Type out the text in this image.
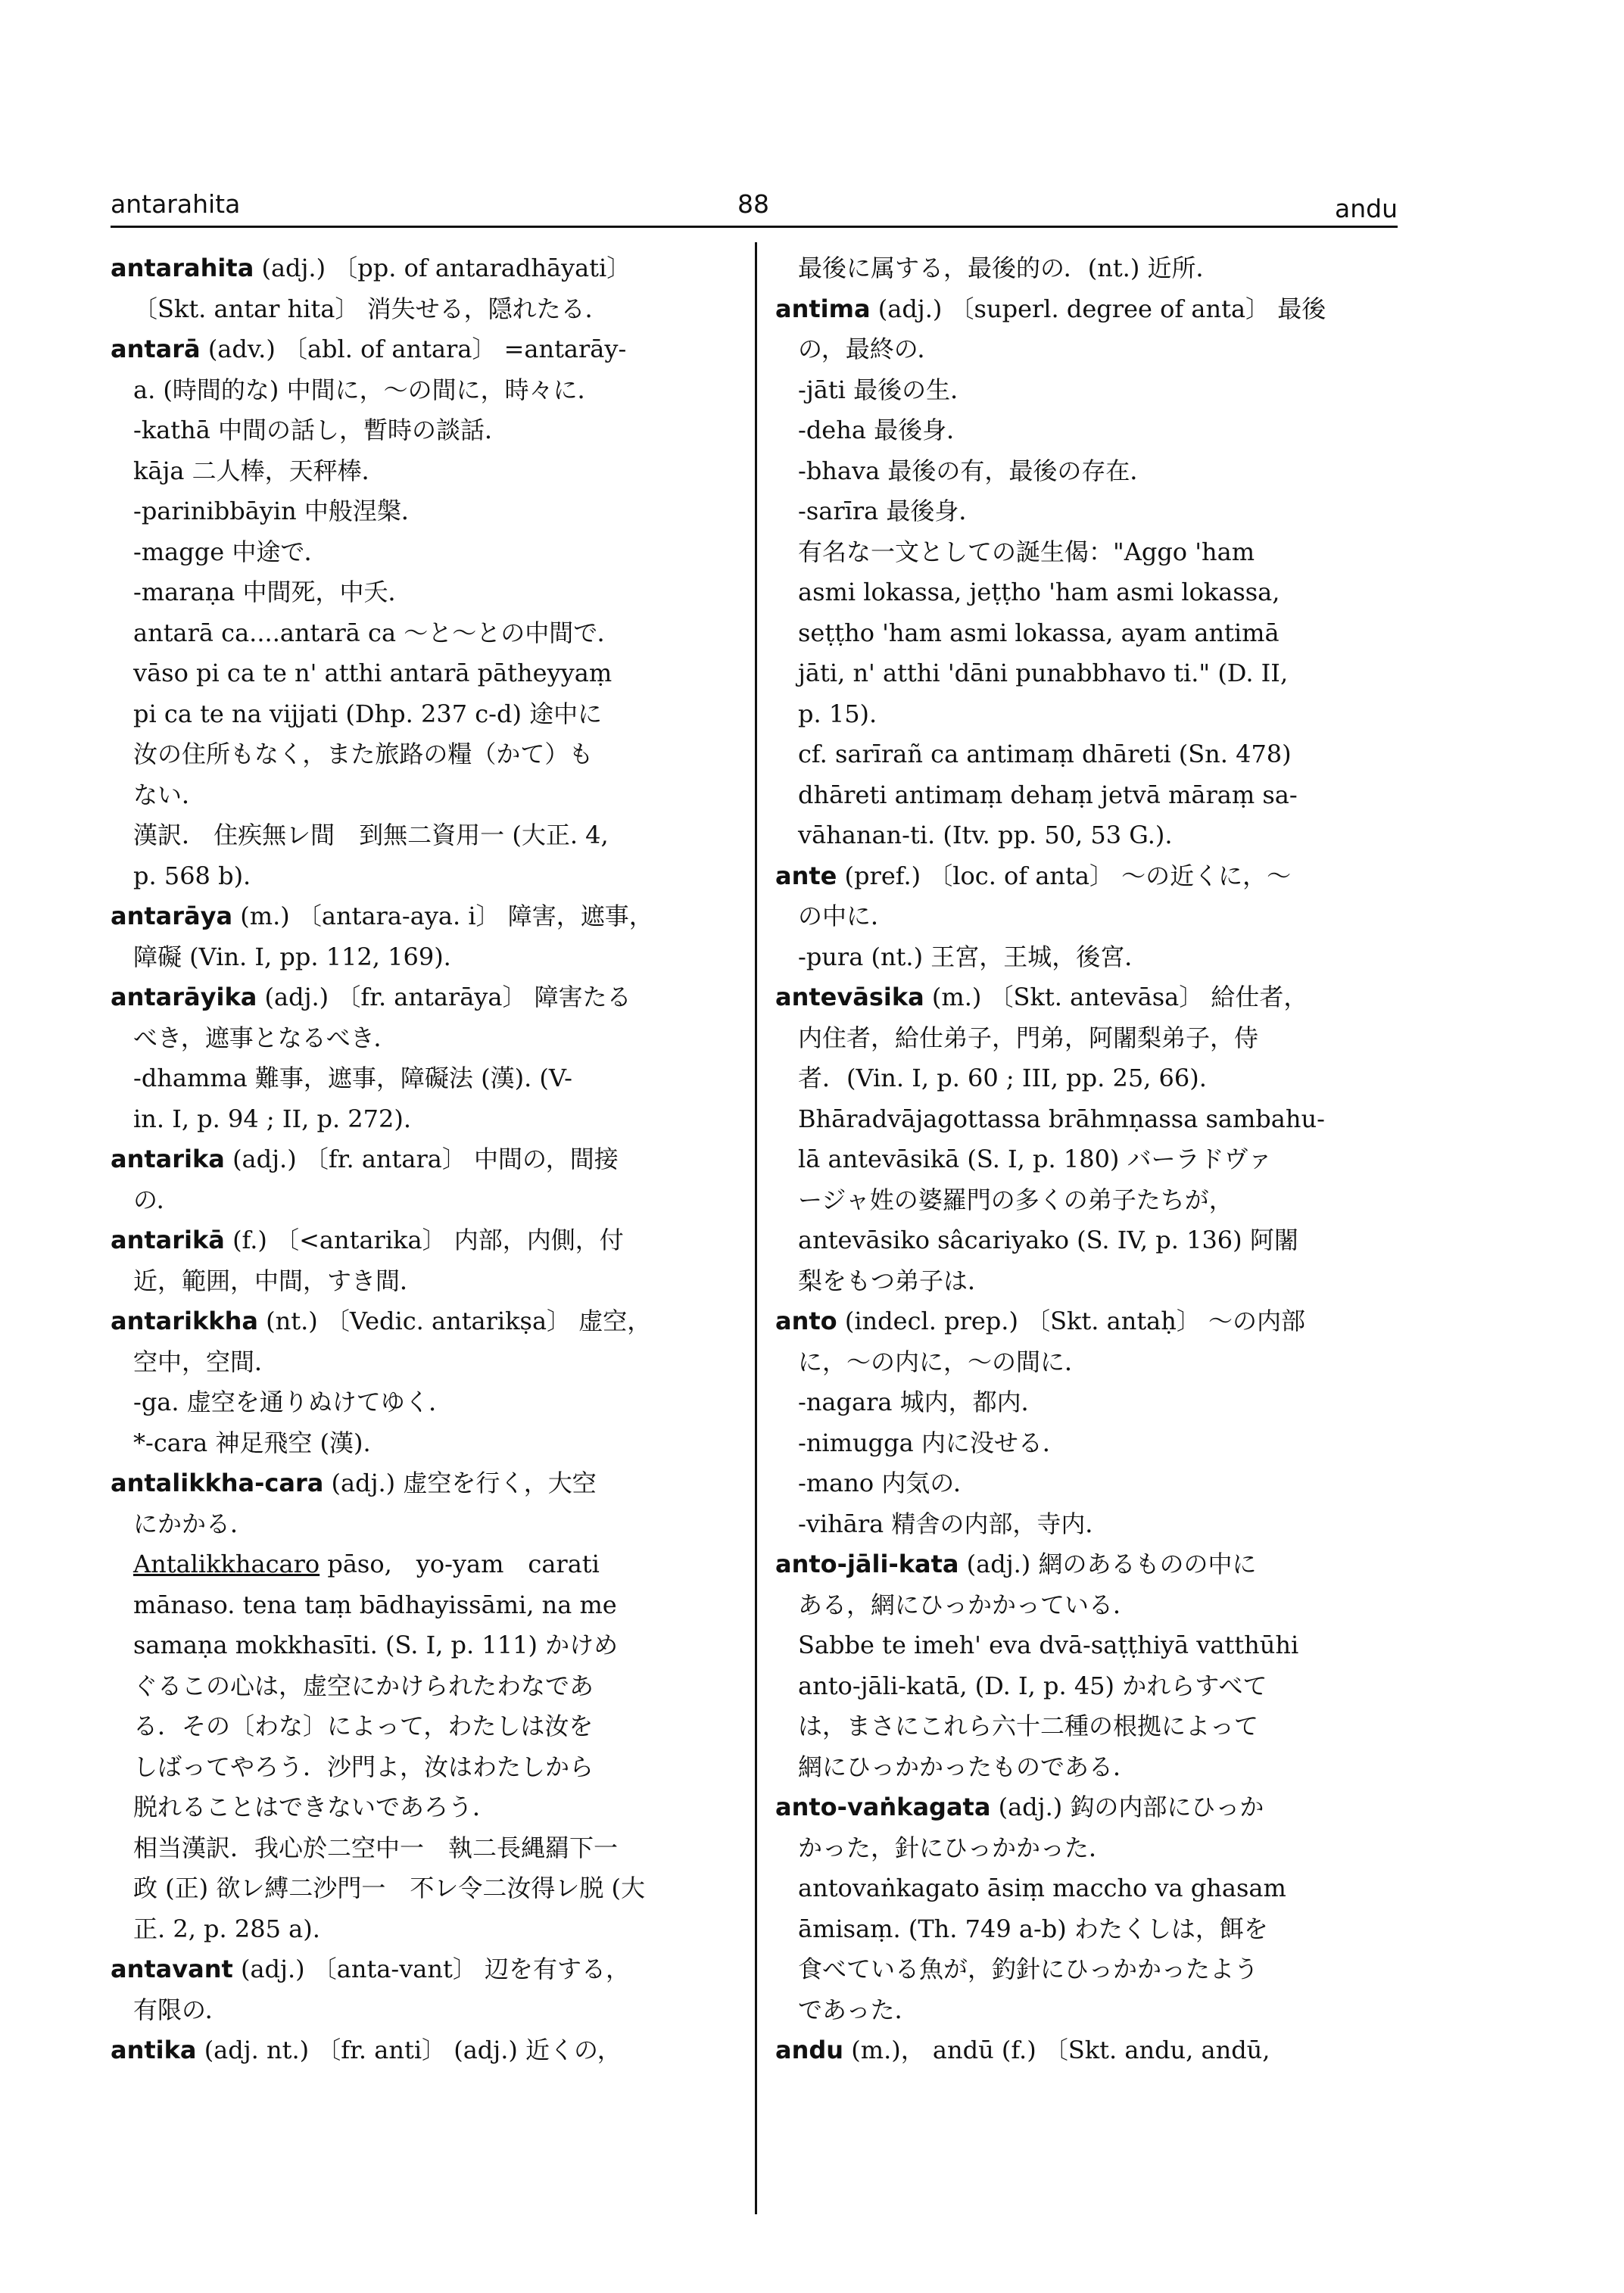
antarahita	88	andu
antarahita (adj.) 〔pp. of antaradhāyati〕
〔Skt. antar hita〕 消失せる，隠れたる．
antarā (adv.) 〔abl. of antara〕 =antarāy-
a. (時間的な) 中間に，〜の間に，時々に．
-kathā 中間の話し，暫時の談話．
kāja 二人棒，天秤棒．
-parinibbāyin 中般涅槃．
-magge 中途で．
-maraṇa 中間死，中夭．
antarā ca....antarā ca 〜と〜との中間で．
vāso pi ca te n' atthi antarā pātheyyaṃ
pi ca te na vijjati (Dhp. 237 c-d) 途中に
汝の住所もなく，また旅路の糧（かて）も
ない．
漢訳． 住疾無レ間　到無二資用一 (大正. 4,
p. 568 b).
antarāya (m.) 〔antara-aya. i〕 障害，遮事，
障礙 (Vin. I, pp. 112, 169).
antarāyika (adj.) 〔fr. antarāya〕 障害たる
べき，遮事となるべき．
-dhamma 難事，遮事，障礙法 (漢). (V-
in. I, p. 94 ; II, p. 272).
antarika (adj.) 〔fr. antara〕 中間の，間接
の．
antarikā (f.) 〔<antarika〕 内部，内側，付
近，範囲，中間，すき間．
antarikkha (nt.) 〔Vedic. antarikṣa〕 虚空，
空中，空間．
-ga. 虚空を通りぬけてゆく．
*-cara 神足飛空 (漢).
antalikkha-cara (adj.) 虚空を行く，大空
にかかる．
Antalikkhacaro pāso,　yo-yam　carati
mānaso. tena taṃ bādhayissāmi, na me
samaṇa mokkhasīti. (S. I, p. 111) かけめ
ぐるこの心は，虚空にかけられたわなであ
る．その〔わな〕によって，わたしは汝を
しばってやろう．沙門よ，汝はわたしから
脱れることはできないであろう．
相当漢訳．我心於二空中一　執二長縄羂下一
政 (正) 欲レ縛二沙門一　不レ令二汝得レ脱 (大
正. 2, p. 285 a).
antavant (adj.) 〔anta-vant〕 辺を有する，
有限の．
antika (adj. nt.) 〔fr. anti〕 (adj.) 近くの，
最後に属する，最後的の．(nt.) 近所．
antima (adj.) 〔superl. degree of anta〕 最後
の，最終の．
-jāti 最後の生．
-deha 最後身．
-bhava 最後の有，最後の存在．
-sarīra 最後身．
有名な一文としての誕生偈："Aggo 'ham
asmi lokassa, jeṭṭho 'ham asmi lokassa,
seṭṭho 'ham asmi lokassa, ayam antimā
jāti, n' atthi 'dāni punabbhavo ti." (D. II,
p. 15).
cf. sarīrañ ca antimaṃ dhāreti (Sn. 478)
dhāreti antimaṃ dehaṃ jetvā māraṃ sa-
vāhanan-ti. (Itv. pp. 50, 53 G.).
ante (pref.) 〔loc. of anta〕 〜の近くに，〜
の中に．
-pura (nt.) 王宮，王城，後宮．
antevāsika (m.) 〔Skt. antevāsa〕 給仕者，
内住者，給仕弟子，門弟，阿闍梨弟子，侍
者．(Vin. I, p. 60 ; III, pp. 25, 66).
Bhāradvājagottassa brāhmṇassa sambahu-
lā antevāsikā (S. I, p. 180) バーラドヴァ
ージャ姓の婆羅門の多くの弟子たちが，
antevāsiko sâcariyako (S. IV, p. 136) 阿闍
梨をもつ弟子は．
anto (indecl. prep.) 〔Skt. antaḥ〕 〜の内部
に，〜の内に，〜の間に．
-nagara 城内，都内．
-nimugga 内に没せる．
-mano 内気の．
-vihāra 精舎の内部，寺内．
anto-jāli-kata (adj.) 網のあるものの中に
ある，網にひっかかっている．
Sabbe te imeh' eva dvā-saṭṭhiyā vatthūhi
anto-jāli-katā, (D. I, p. 45) かれらすべて
は，まさにこれら六十二種の根拠によって
網にひっかかったものである．
anto-vaṅkagata (adj.) 鈎の内部にひっか
かった，針にひっかかった．
antovaṅkagato āsiṃ maccho va ghasam
āmisaṃ. (Th. 749 a-b) わたくしは，餌を
食べている魚が，釣針にひっかかったよう
であった．
andu (m.)， andū (f.) 〔Skt. andu, andū,
